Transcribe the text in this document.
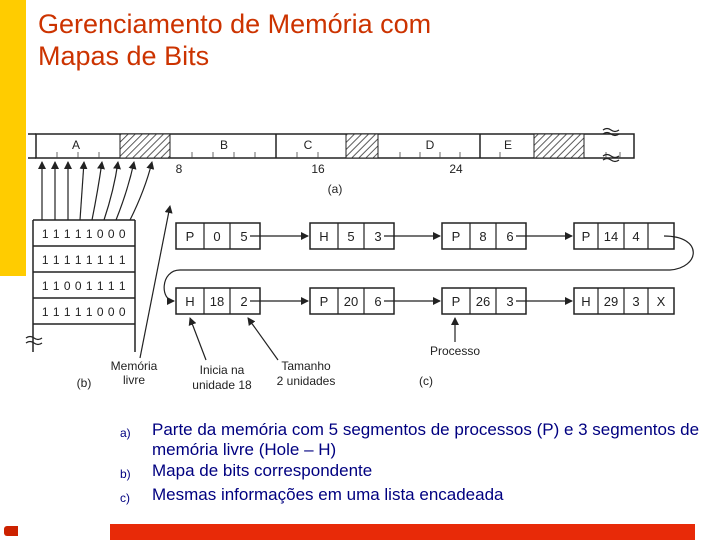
Gerenciamento de Memória com
Mapas de Bits
A	B	C	D	E
8	16	24
(a)
1 1 1 1 1 0 0 0
1 1 1 1 1 1 1 1
1 1 0 0 1 1 1 1
1 1 1 1 1 0 0 0
(b)
Memória
livre
P 0 5	H 5 3	P 8 6	P 14 4
H 18 2	P 20 6	P 26 3	H 29 3 X
Inicia na
unidade 18
Tamanho
2 unidades
Processo
(c)
a)	Parte da memória com 5 segmentos de processos (P) e 3 segmentos de memória livre (Hole – H)
b)	Mapa de bits correspondente
c)	Mesmas informações em uma lista encadeada
